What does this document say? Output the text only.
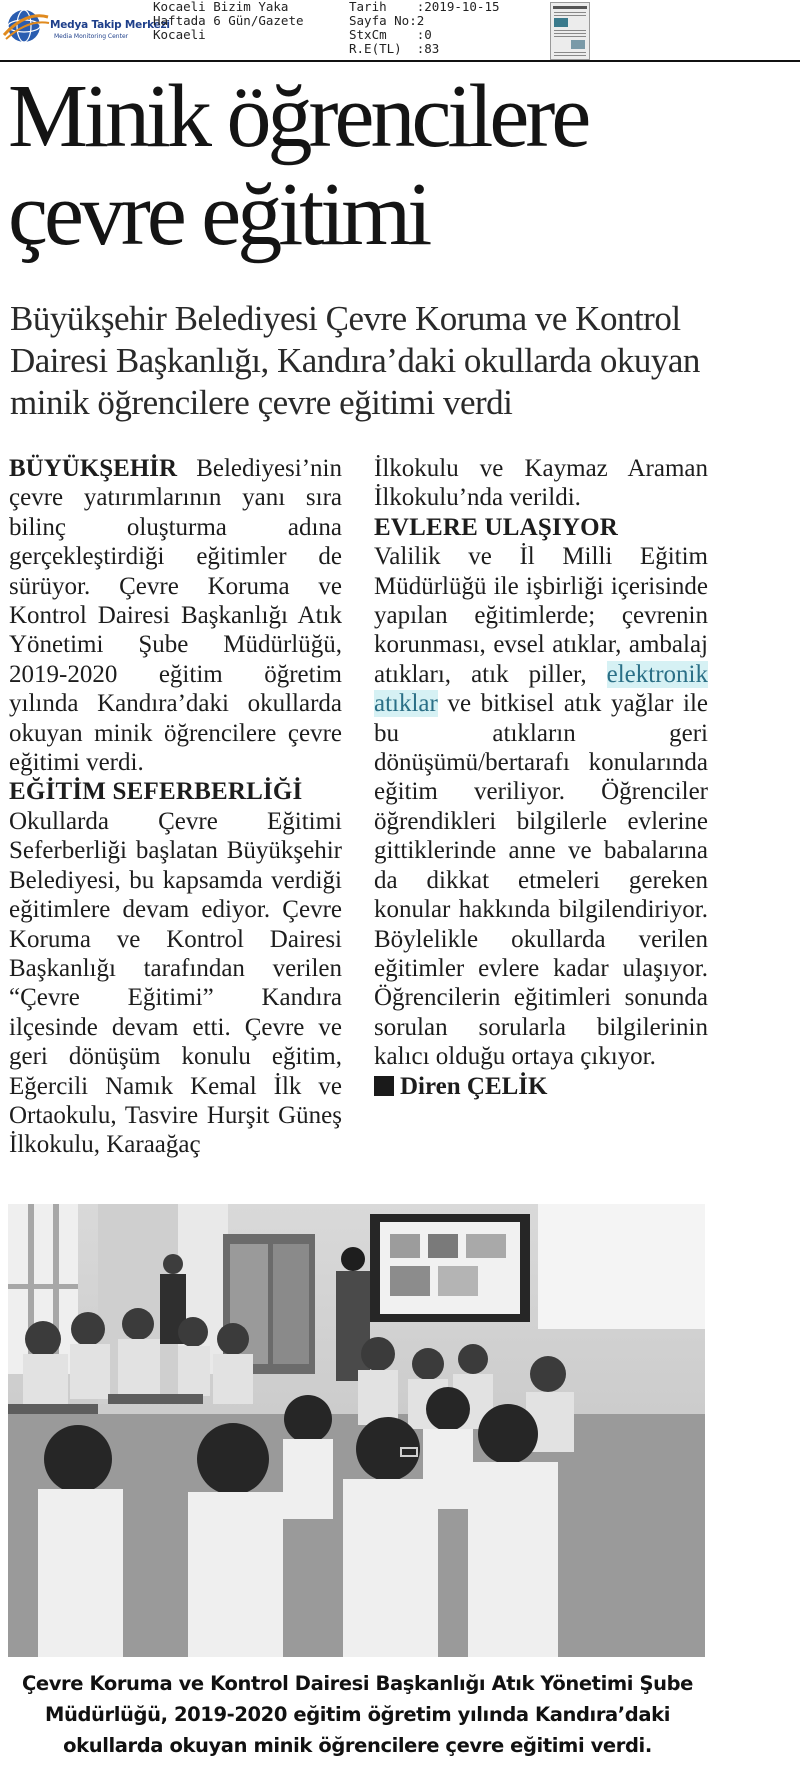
Medya Takip Merkezi
Media Monitoring Center
Kocaeli Bizim Yaka
Haftada 6 Gün/Gazete
Kocaeli
Tarih    :2019-10-15
Sayfa No:2
StxCm    :0
R.E(TL)  :83
Minik öğrencilere çevre eğitimi

Büyükşehir Belediyesi Çevre Koruma ve Kontrol Dairesi Başkanlığı, Kandıra’daki okullarda okuyan minik öğrencilere çevre eğitimi verdi

BÜYÜKŞEHİR Belediyesi’nin çevre yatırımlarının yanı sıra bilinç oluşturma adına gerçekleştirdiği eğitimler de sürüyor. Çevre Koruma ve Kontrol Dairesi Başkanlığı Atık Yönetimi Şube Müdürlüğü, 2019-2020 eğitim öğretim yılında Kandıra’daki okullarda okuyan minik öğrencilere çevre eğitimi verdi.

EĞİTİM SEFERBERLİĞİ

Okullarda Çevre Eğitimi Seferberliği başlatan Büyükşehir Belediyesi, bu kapsamda verdiği eğitimlere devam ediyor. Çevre Koruma ve Kontrol Dairesi Başkanlığı tarafından verilen “Çevre Eğitimi” Kandıra ilçesinde devam etti. Çevre ve geri dönüşüm konulu eğitim, Eğercili Namık Kemal İlk ve Ortaokulu, Tasvire Hurşit Güneş İlkokulu, Karaağaç

İlkokulu ve Kaymaz Araman İlkokulu’nda verildi.

EVLERE ULAŞIYOR

Valilik ve İl Milli Eğitim Müdürlüğü ile işbirliği içerisinde yapılan eğitimlerde; çevrenin korunması, evsel atıklar, ambalaj atıkları, atık piller, elektronik atıklar ve bitkisel atık yağlar ile bu atıkların geri dönüşümü/bertarafı konularında eğitim veriliyor. Öğrenciler öğrendikleri bilgilerle evlerine gittiklerinde anne ve babalarına da dikkat etmeleri gereken konular hakkında bilgilendiriyor. Böylelikle okullarda verilen eğitimler evlere kadar ulaşıyor. Öğrencilerin eğitimleri sonunda sorulan sorularla bilgilerinin kalıcı olduğu ortaya çıkıyor.

Diren ÇELİK

Çevre Koruma ve Kontrol Dairesi Başkanlığı Atık Yönetimi Şube Müdürlüğü, 2019-2020 eğitim öğretim yılında Kandıra’daki okullarda okuyan minik öğrencilere çevre eğitimi verdi.
